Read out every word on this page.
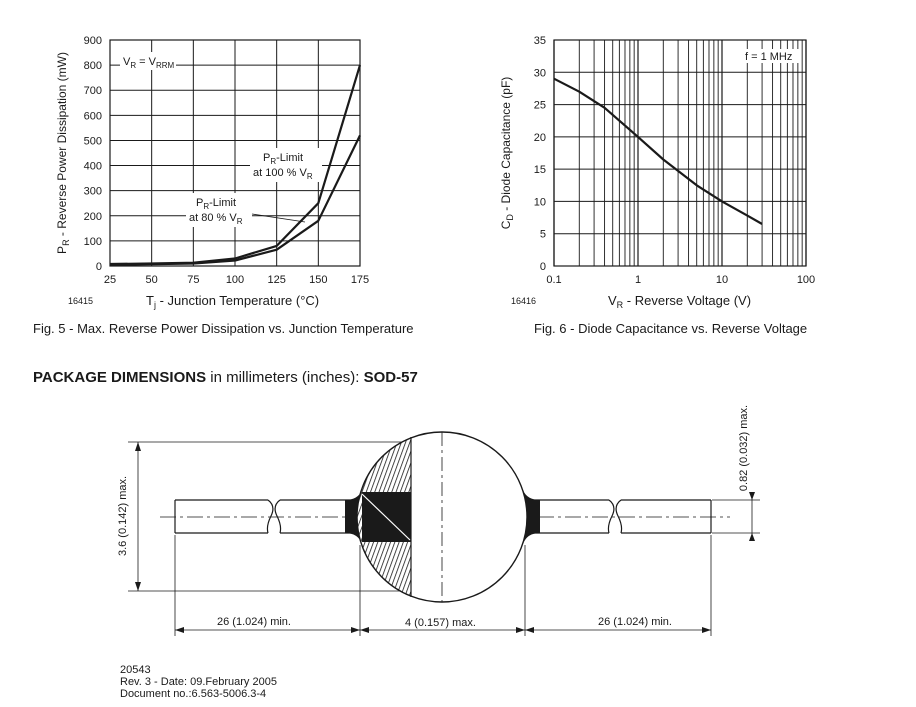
25	50	75 100 125 150 175
0
100
200
300
400
500
600
700
800
900
$V_R = V_{RRM}$
$P_R$-Limit
at 100 % $V_R$
$P_R$-Limit
at 80 % $V_R$
$P_R$ - Reverse Power Dissipation (mW)
$T_j$ - Junction Temperature (°C)
16415
Fig. 5 - Max. Reverse Power Dissipation vs. Junction Temperature
0.1	1	10	100
0
5
10
15
20
25
30
35
f = 1 MHz
$C_D$ - Diode Capacitance (pF)
$V_R$ - Reverse Voltage (V)
16416
Fig. 6 - Diode Capacitance vs. Reverse Voltage
PACKAGE DIMENSIONS in millimeters (inches): SOD-57
26 (1.024) min.	4 (0.157) max.	26 (1.024) min.
3.6 (0.142) max.
0.82 (0.032) max.
20543
Rev. 3 - Date: 09.February 2005
Document no.:6.563-5006.3-4
